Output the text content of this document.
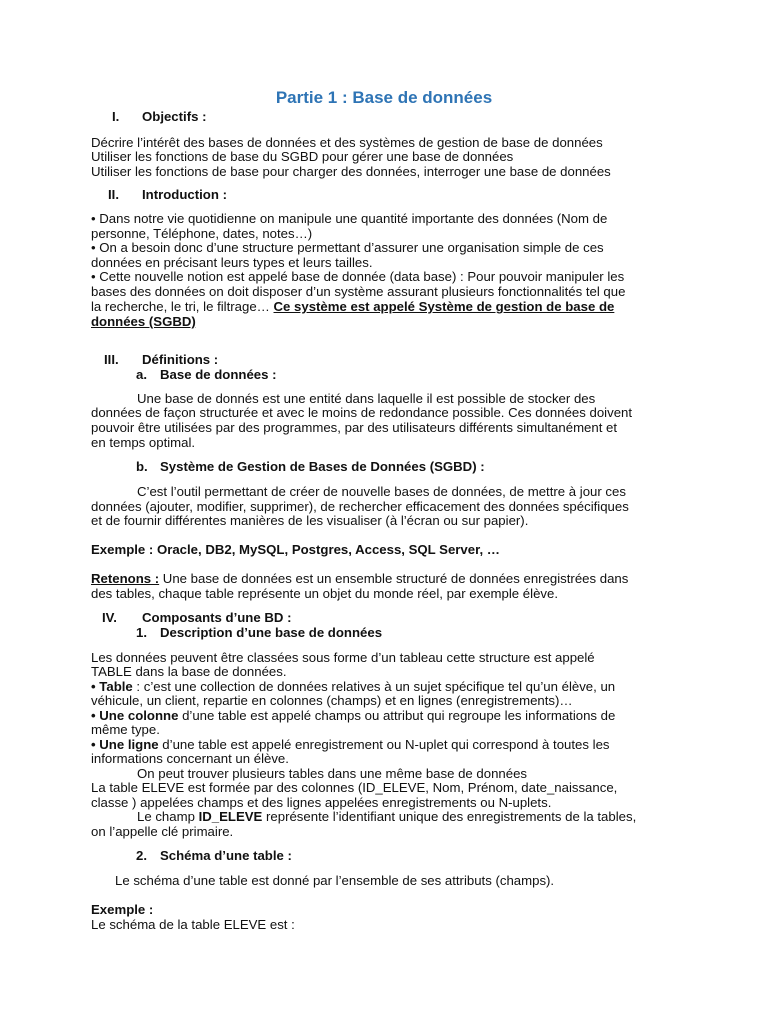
Partie 1 : Base de données
I. Objectifs :
Décrire l’intérêt des bases de données et des systèmes de gestion de base de données
Utiliser les fonctions de base du SGBD pour gérer une base de données
Utiliser les fonctions de base pour charger des données, interroger une base de données
II. Introduction :
• Dans notre vie quotidienne on manipule une quantité importante des données (Nom de
personne, Téléphone, dates, notes…)
• On a besoin donc d’une structure permettant d’assurer une organisation simple de ces
données en précisant leurs types et leurs tailles.
• Cette nouvelle notion est appelé base de donnée (data base) : Pour pouvoir manipuler les
bases des données on doit disposer d’un système assurant plusieurs fonctionnalités tel que
la recherche, le tri, le filtrage… Ce système est appelé Système de gestion de base de
données (SGBD)
III. Définitions :
a. Base de données :
Une base de donnés est une entité dans laquelle il est possible de stocker des
données de façon structurée et avec le moins de redondance possible. Ces données doivent
pouvoir être utilisées par des programmes, par des utilisateurs différents simultanément et
en temps optimal.
b. Système de Gestion de Bases de Données (SGBD) :
C’est l’outil permettant de créer de nouvelle bases de données, de mettre à jour ces
données (ajouter, modifier, supprimer), de rechercher efficacement des données spécifiques
et de fournir différentes manières de les visualiser (à l’écran ou sur papier).
Exemple : Oracle, DB2, MySQL, Postgres, Access, SQL Server, …
Retenons : Une base de données est un ensemble structuré de données enregistrées dans
des tables, chaque table représente un objet du monde réel, par exemple élève.
IV. Composants d’une BD :
1. Description d’une base de données
Les données peuvent être classées sous forme d’un tableau cette structure est appelé
TABLE dans la base de données.
• Table : c’est une collection de données relatives à un sujet spécifique tel qu’un élève, un
véhicule, un client, repartie en colonnes (champs) et en lignes (enregistrements)…
• Une colonne d’une table est appelé champs ou attribut qui regroupe les informations de
même type.
• Une ligne d’une table est appelé enregistrement ou N-uplet qui correspond à toutes les
informations concernant un élève.
On peut trouver plusieurs tables dans une même base de données
La table ELEVE est formée par des colonnes (ID_ELEVE, Nom, Prénom, date_naissance,
classe ) appelées champs et des lignes appelées enregistrements ou N-uplets.
Le champ ID_ELEVE représente l’identifiant unique des enregistrements de la tables,
on l’appelle clé primaire.
2. Schéma d’une table :
Le schéma d’une table est donné par l’ensemble de ses attributs (champs).
Exemple :
Le schéma de la table ELEVE est :
